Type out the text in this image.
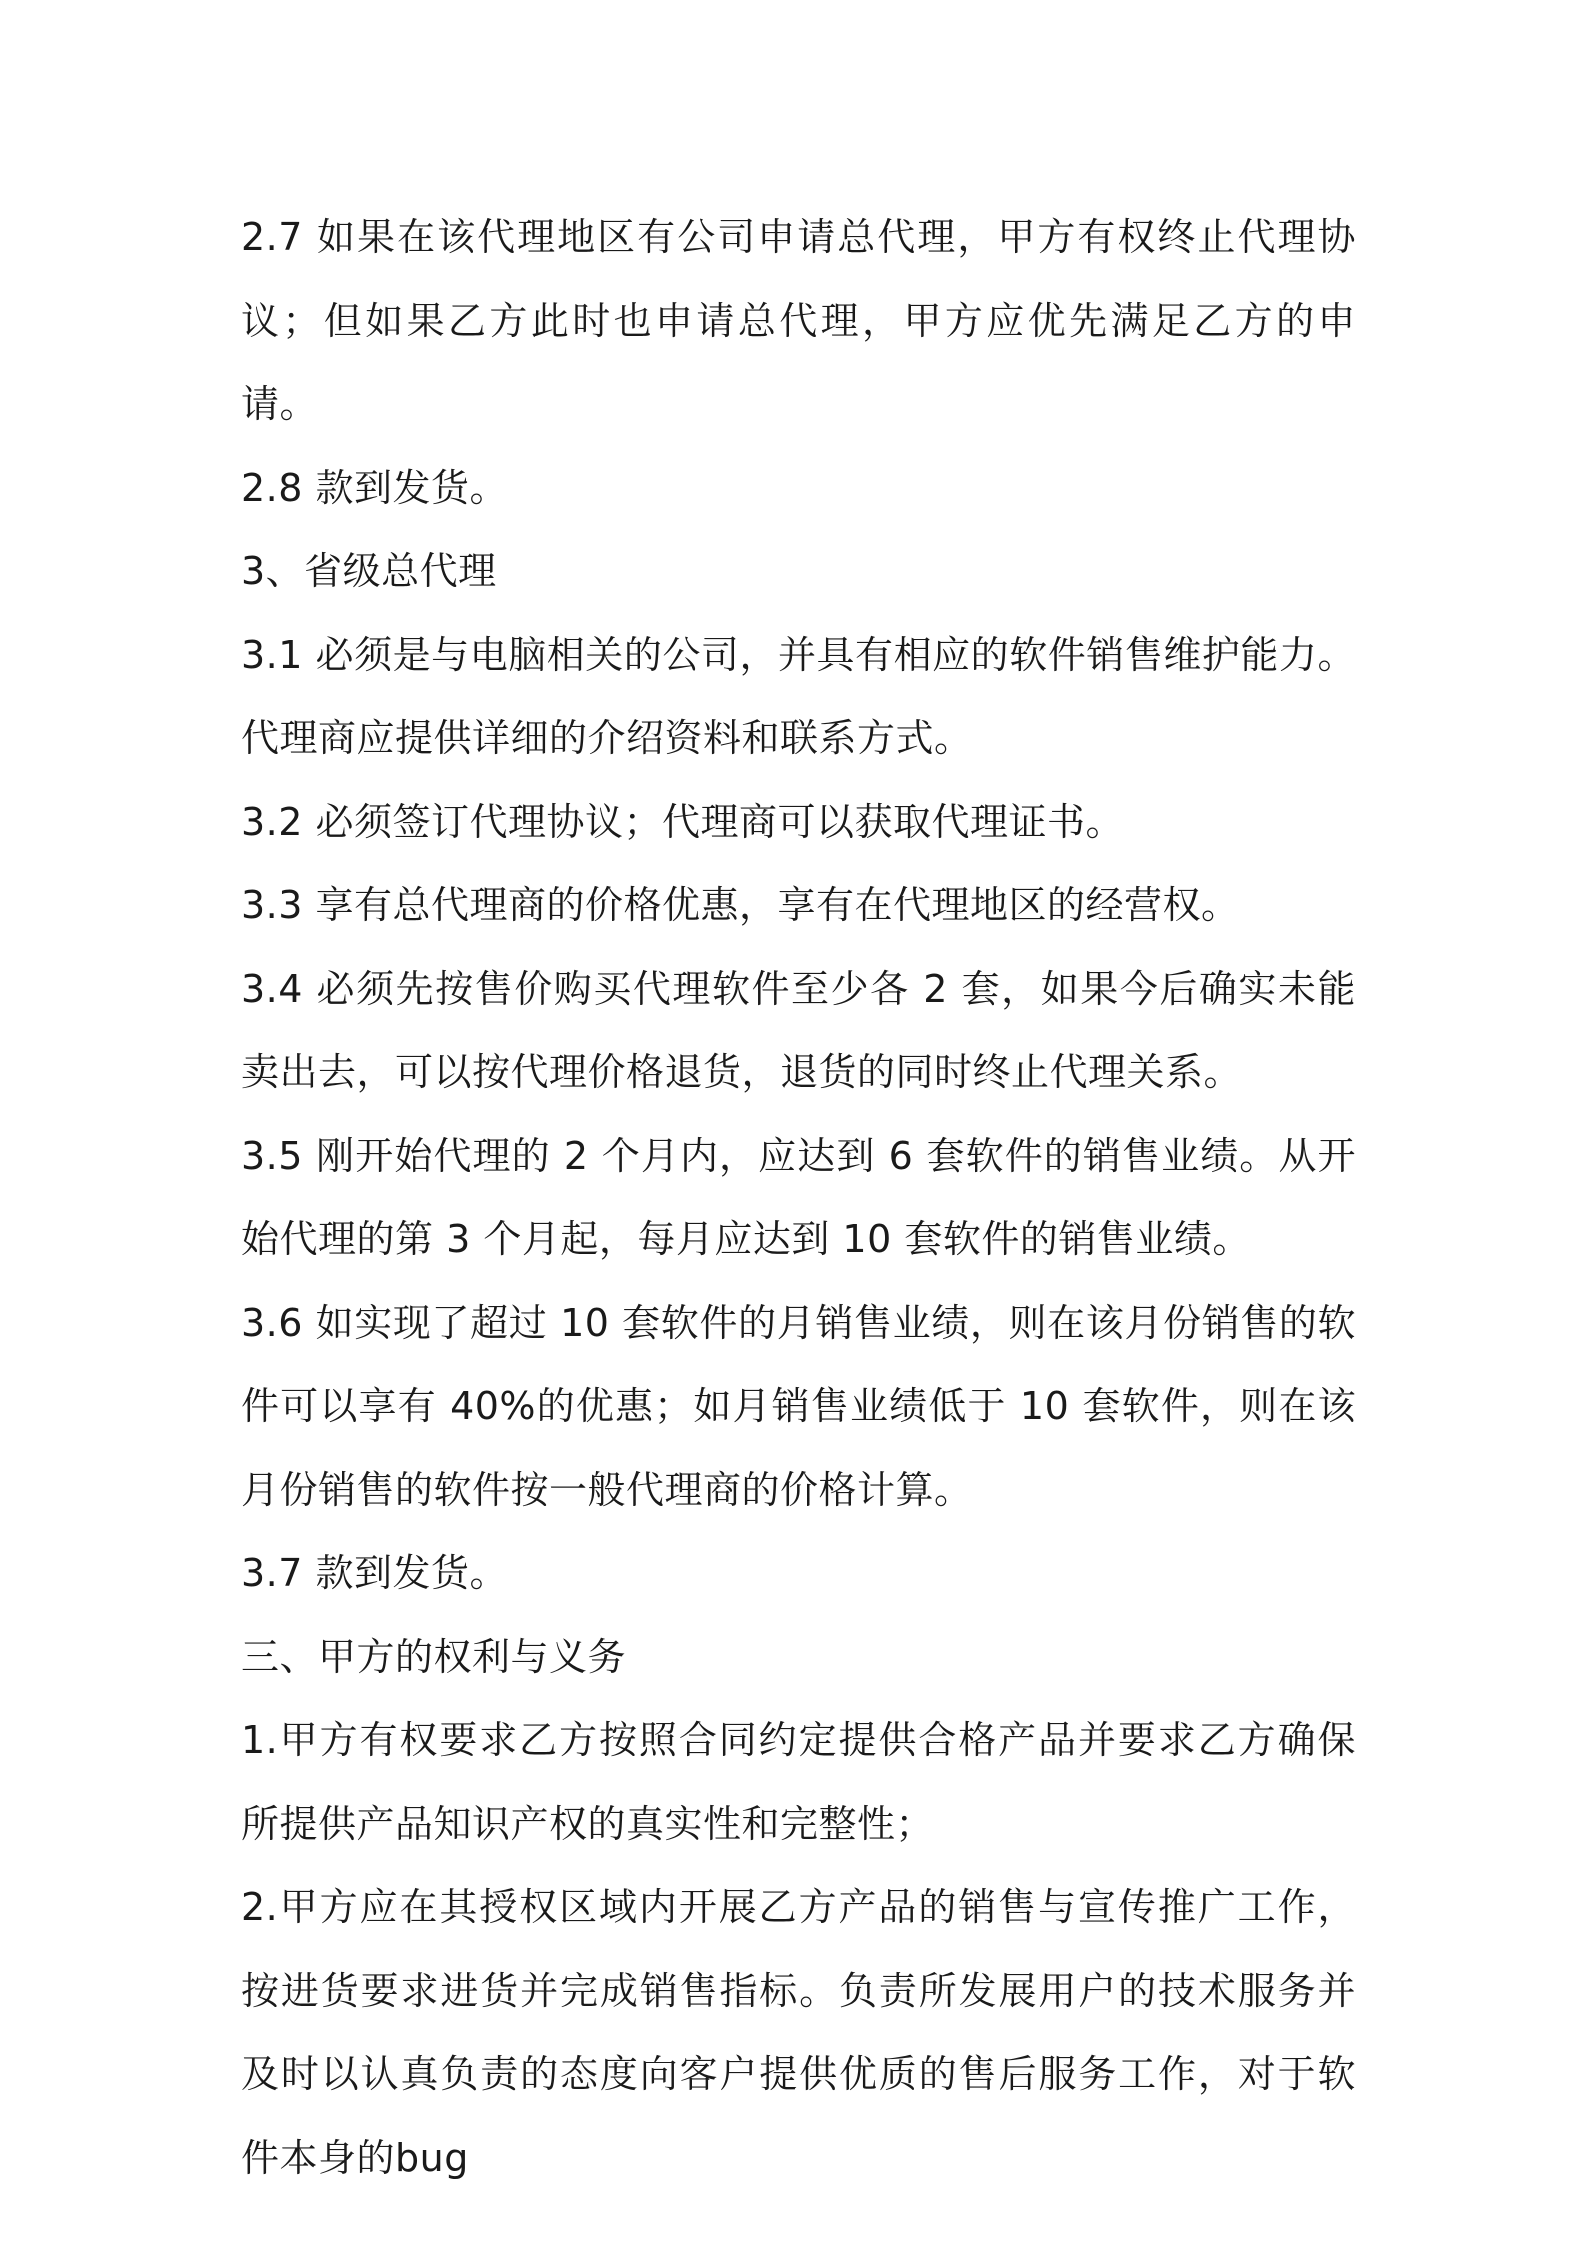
2.7 如果在该代理地区有公司申请总代理，甲方有权终止代理协议；但如果乙方此时也申请总代理，甲方应优先满足乙方的申请。

2.8 款到发货。

3、省级总代理

3.1 必须是与电脑相关的公司，并具有相应的软件销售维护能力。代理商应提供详细的介绍资料和联系方式。

3.2 必须签订代理协议；代理商可以获取代理证书。

3.3 享有总代理商的价格优惠，享有在代理地区的经营权。

3.4 必须先按售价购买代理软件至少各 2 套，如果今后确实未能卖出去，可以按代理价格退货，退货的同时终止代理关系。

3.5 刚开始代理的 2 个月内，应达到 6 套软件的销售业绩。从开始代理的第 3 个月起，每月应达到 10 套软件的销售业绩。

3.6 如实现了超过 10 套软件的月销售业绩，则在该月份销售的软件可以享有 40%的优惠；如月销售业绩低于 10 套软件，则在该月份销售的软件按一般代理商的价格计算。

3.7 款到发货。

三、甲方的权利与义务

1.甲方有权要求乙方按照合同约定提供合格产品并要求乙方确保所提供产品知识产权的真实性和完整性；

2.甲方应在其授权区域内开展乙方产品的销售与宣传推广工作，按进货要求进货并完成销售指标。负责所发展用户的技术服务并及时以认真负责的态度向客户提供优质的售后服务工作，对于软件本身的bug
